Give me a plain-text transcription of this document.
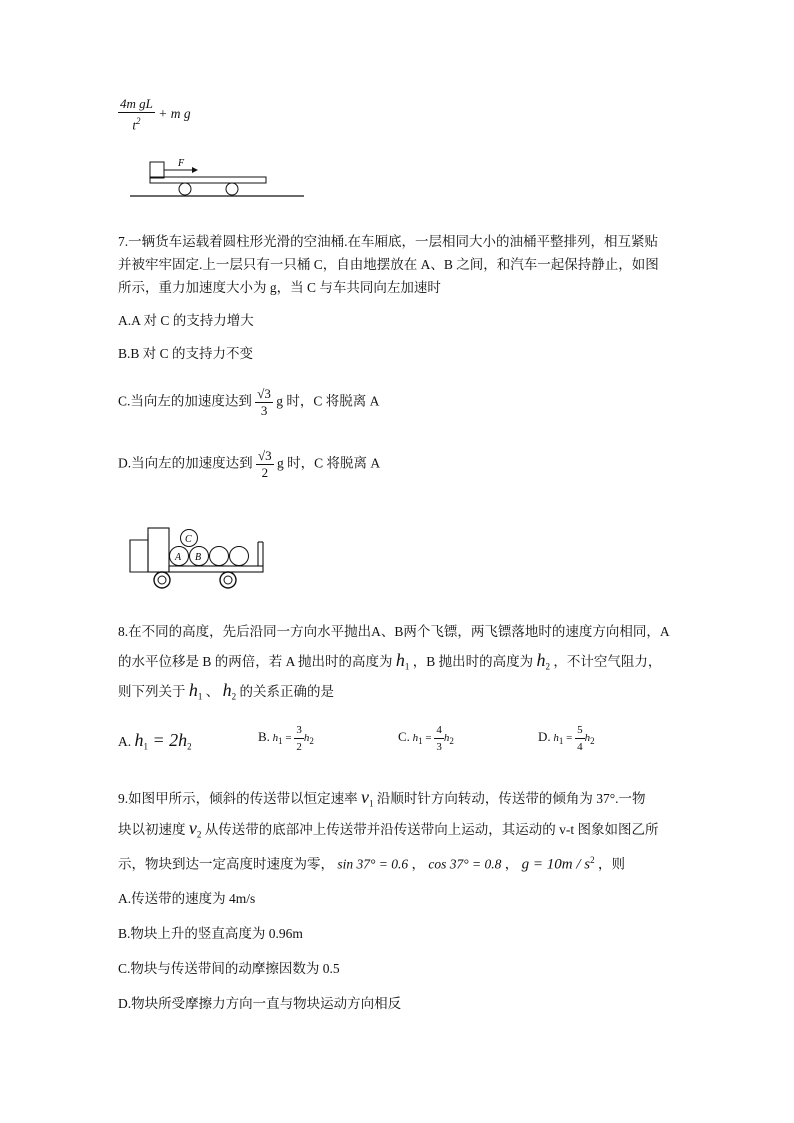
$\frac{\text{4m gL}}{t^2} + m$ g
F
7.一辆货车运载着圆柱形光滑的空油桶.在车厢底，一层相同大小的油桶平整排列，相互紧贴
并被牢牢固定.上一层只有一只桶 C，自由地摆放在 A、B 之间，和汽车一起保持静止，如图
所示，重力加速度大小为 g，当 C 与车共同向左加速时
A.A 对 C 的支持力增大
B.B 对 C 的支持力不变
C.当向左的加速度达到 $\frac{√3}{3}$ g 时，C 将脱离 A
D.当向左的加速度达到 $\frac{√3}{2}$ g 时，C 将脱离 A
A B
C
8.在不同的高度，先后沿同一方向水平抛出A、B两个飞镖，两飞镖落地时的速度方向相同，A
的水平位移是 B 的两倍，若 A 抛出时的高度为 $h_1$ ，B 抛出时的高度为 $h_2$ ，不计空气阻力，
则下列关于 $h_1$ 、 $h_2$ 的关系正确的是
A. $h_1 = 2h_2$
B. $h_1 = \frac{3}{2} h_2$	C. $h_1 = \frac{4}{3} h_2$	D. $h_1 = \frac{5}{4} h_2$
9.如图甲所示，倾斜的传送带以恒定速率 $v_1$ 沿顺时针方向转动，传送带的倾角为 37°.一物
块以初速度 $v_2$ 从传送带的底部冲上传送带并沿传送带向上运动，其运动的 v-t 图象如图乙所
示，物块到达一定高度时速度为零， sin 37° = 0.6 ， cos 37° = 0.8 ， $g = 10m / s^2$ ，则
A.传送带的速度为 4m/s
B.物块上升的竖直高度为 0.96m
C.物块与传送带间的动摩擦因数为 0.5
D.物块所受摩擦力方向一直与物块运动方向相反
